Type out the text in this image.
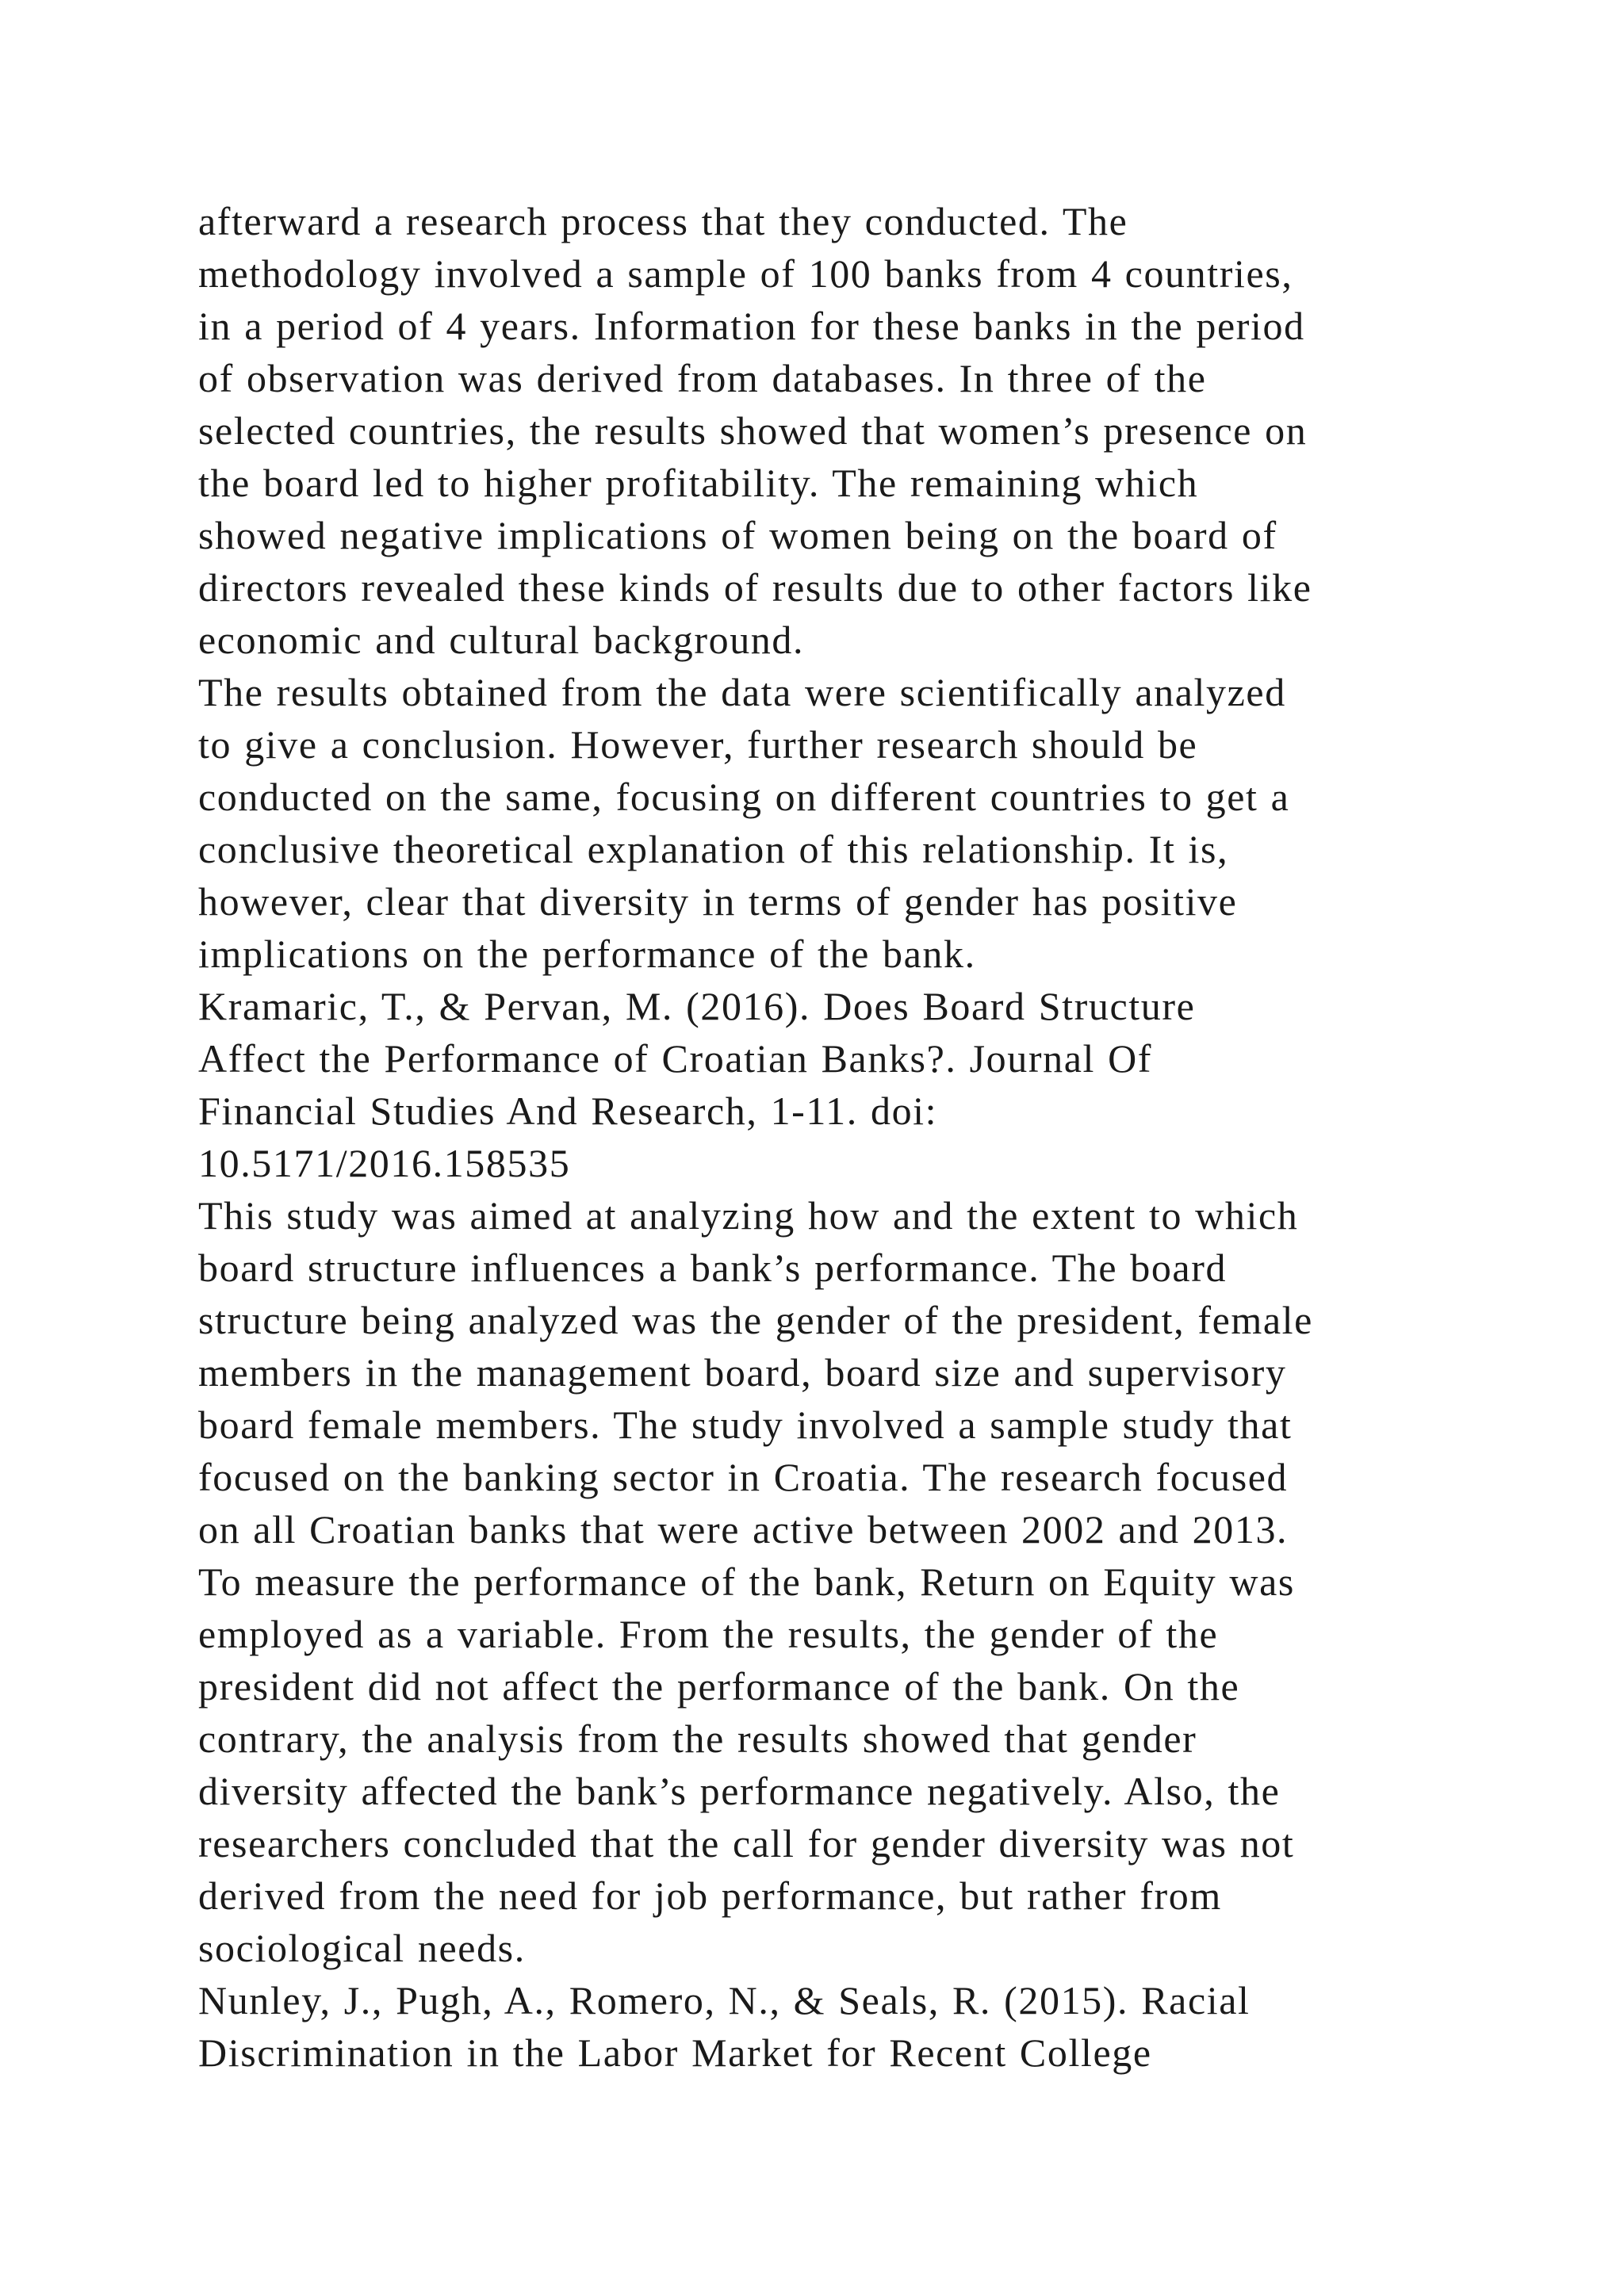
afterward a research process that they conducted. The
methodology involved a sample of 100 banks from 4 countries,
in a period of 4 years. Information for these banks in the period
of observation was derived from databases. In three of the
selected countries, the results showed that women’s presence on
the board led to higher profitability. The remaining which
showed negative implications of women being on the board of
directors revealed these kinds of results due to other factors like
economic and cultural background.
The results obtained from the data were scientifically analyzed
to give a conclusion. However, further research should be
conducted on the same, focusing on different countries to get a
conclusive theoretical explanation of this relationship. It is,
however, clear that diversity in terms of gender has positive
implications on the performance of the bank.
Kramaric, T., & Pervan, M. (2016). Does Board Structure
Affect the Performance of Croatian Banks?. Journal Of
Financial Studies And Research, 1-11. doi:
10.5171/2016.158535
This study was aimed at analyzing how and the extent to which
board structure influences a bank’s performance. The board
structure being analyzed was the gender of the president, female
members in the management board, board size and supervisory
board female members. The study involved a sample study that
focused on the banking sector in Croatia. The research focused
on all Croatian banks that were active between 2002 and 2013.
To measure the performance of the bank, Return on Equity was
employed as a variable. From the results, the gender of the
president did not affect the performance of the bank. On the
contrary, the analysis from the results showed that gender
diversity affected the bank’s performance negatively. Also, the
researchers concluded that the call for gender diversity was not
derived from the need for job performance, but rather from
sociological needs.
Nunley, J., Pugh, A., Romero, N., & Seals, R. (2015). Racial
Discrimination in the Labor Market for Recent College
